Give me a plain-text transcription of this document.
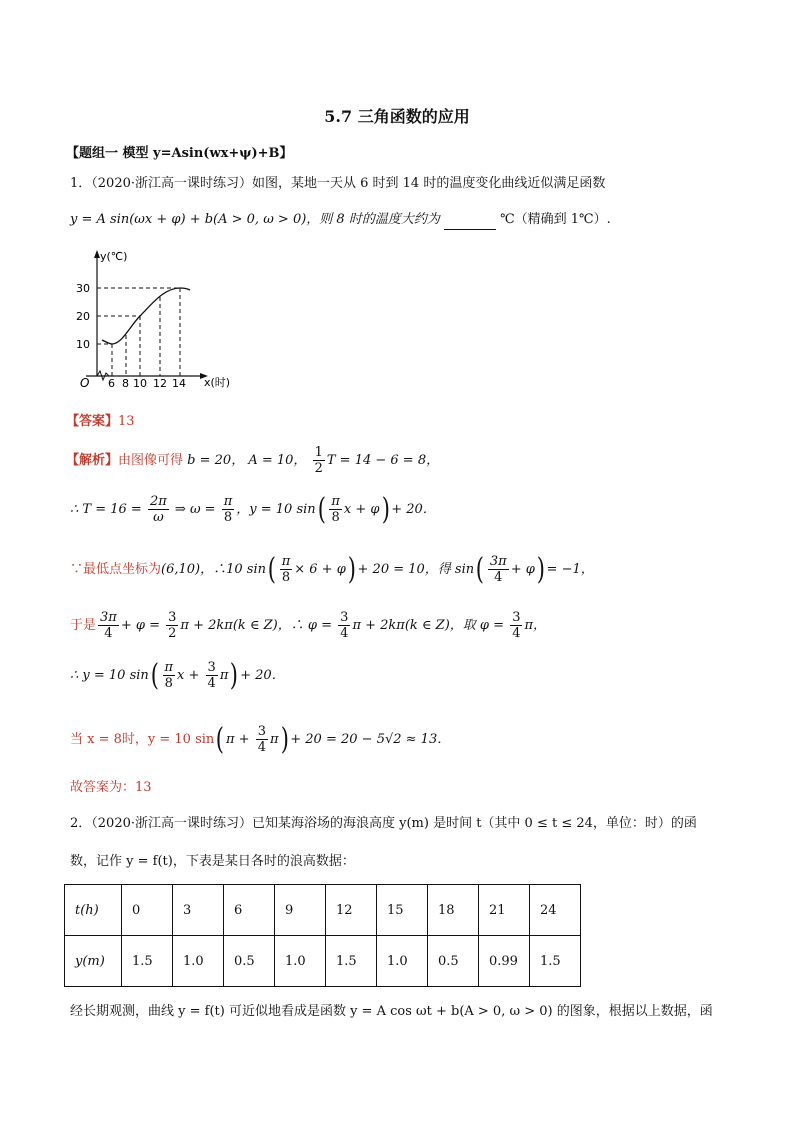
5.7 三角函数的应用
【题组一 模型 y=Asin(wx+ψ)+B】
1．（2020·浙江高一课时练习）如图，某地一天从 6 时到 14 时的温度变化曲线近似满足函数
y = A sin(ωx + φ) + b(A > 0, ω > 0)，则 8 时的温度大约为	℃（精确到 1℃）.
y(℃)
x(时)
O
30
20
10
6 8 10 12 14
【答案】13
【解析】由图像可得 b = 20， A = 10， $\frac{1}{2}$ T = 14 − 6 = 8，
∴ $T = 16 = \frac{2\pi}{\omega}$ ⇒ $\omega = \frac{\pi}{8}$ ，y = 10 $\sin( \frac{\pi}{8}$ x + φ) + 20．
∵最低点坐标为(6,10)，∴10 $\sin( \frac{\pi}{8} \times 6 + \varphi) + 20 = 10$，得 $\sin( \frac{3\pi}{4} + \varphi) = -1$，
于是 $\frac{3\pi}{4} + \varphi = \frac{3}{2}$ π + 2kπ(k ∈ Z)，∴ $\varphi = \frac{3}{4}$ π + 2kπ(k ∈ Z)，取 $\varphi = \frac{3}{4}$ π，
∴ y = 10 $\sin( \frac{\pi}{8}$ $x + \frac{3}{4} \pi) + 20$．
当 x = 8时，y = 10 sin( $\pi + \frac{3}{4} \pi) + 20 = 20 - 5√2 \approx 13$．
故答案为：13
2．（2020·浙江高一课时练习）已知某海浴场的海浪高度 y(m) 是时间 t（其中 0 ≤ t ≤ 24，单位：时）的函
数，记作 y = f(t)，下表是某日各时的浪高数据：
t(h)	0	3	6	9	12	15	18	21	24
y(m)	1.5	1.0	0.5	1.0	1.5	1.0	0.5	0.99	1.5
经长期观测，曲线 y = f(t) 可近似地看成是函数 y = A cos ωt + b(A > 0, ω > 0) 的图象，根据以上数据，函
